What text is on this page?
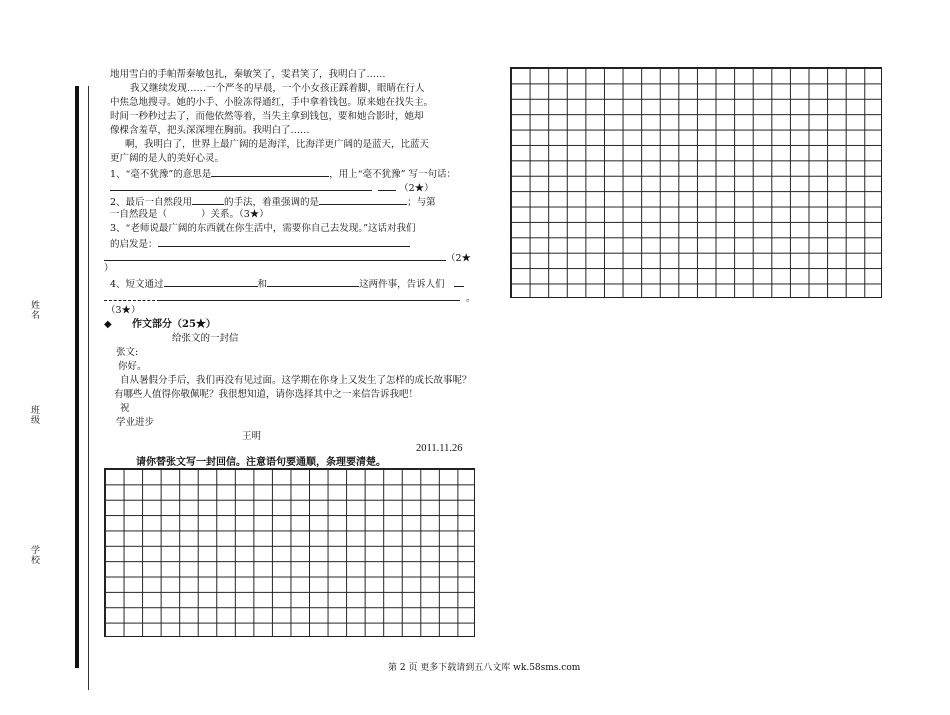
姓名
班级
学校
地用雪白的手帕帮秦敏包扎，秦敏笑了，雯君笑了，我明白了……
我又继续发现……一个严冬的早晨，一个小女孩正踩着脚，眼睛在行人
中焦急地搜寻。她的小手、小脸冻得通红，手中拿着钱包。原来她在找失主。
时间一秒秒过去了，而他依然等着，当失主拿到钱包，要和她合影时，她却
像棵含羞草，把头深深埋在胸前。我明白了……
啊，我明白了，世界上最广阔的是海洋，比海洋更广阔的是蓝天，比蓝天
更广阔的是人的美好心灵。
1、“毫不犹豫”的意思是	，用上“毫不犹豫” 写一句话：
（2★）
2、最后一自然段用	的手法，着重强调的是	；与第
一自然段是（	）关系。（3★）
3、“老师说最广阔的东西就在你生活中，需要你自己去发现。”这话对我们
的启发是：
（2★
）
4、短文通过	和	这两件事，告诉人们
。
（3★）
◆ 作文部分（25★）
给张文的一封信
张文:
你好。
自从暑假分手后，我们再没有见过面。这学期在你身上又发生了怎样的成长故事呢？
有哪些人值得你敬佩呢？我很想知道，请你选择其中之一来信告诉我吧！
祝
学业进步
王明
2011.11.26
请你替张文写一封回信。注意语句要通顺，条理要清楚。
第 2 页 更多下载请到五八文库 wk.58sms.com
